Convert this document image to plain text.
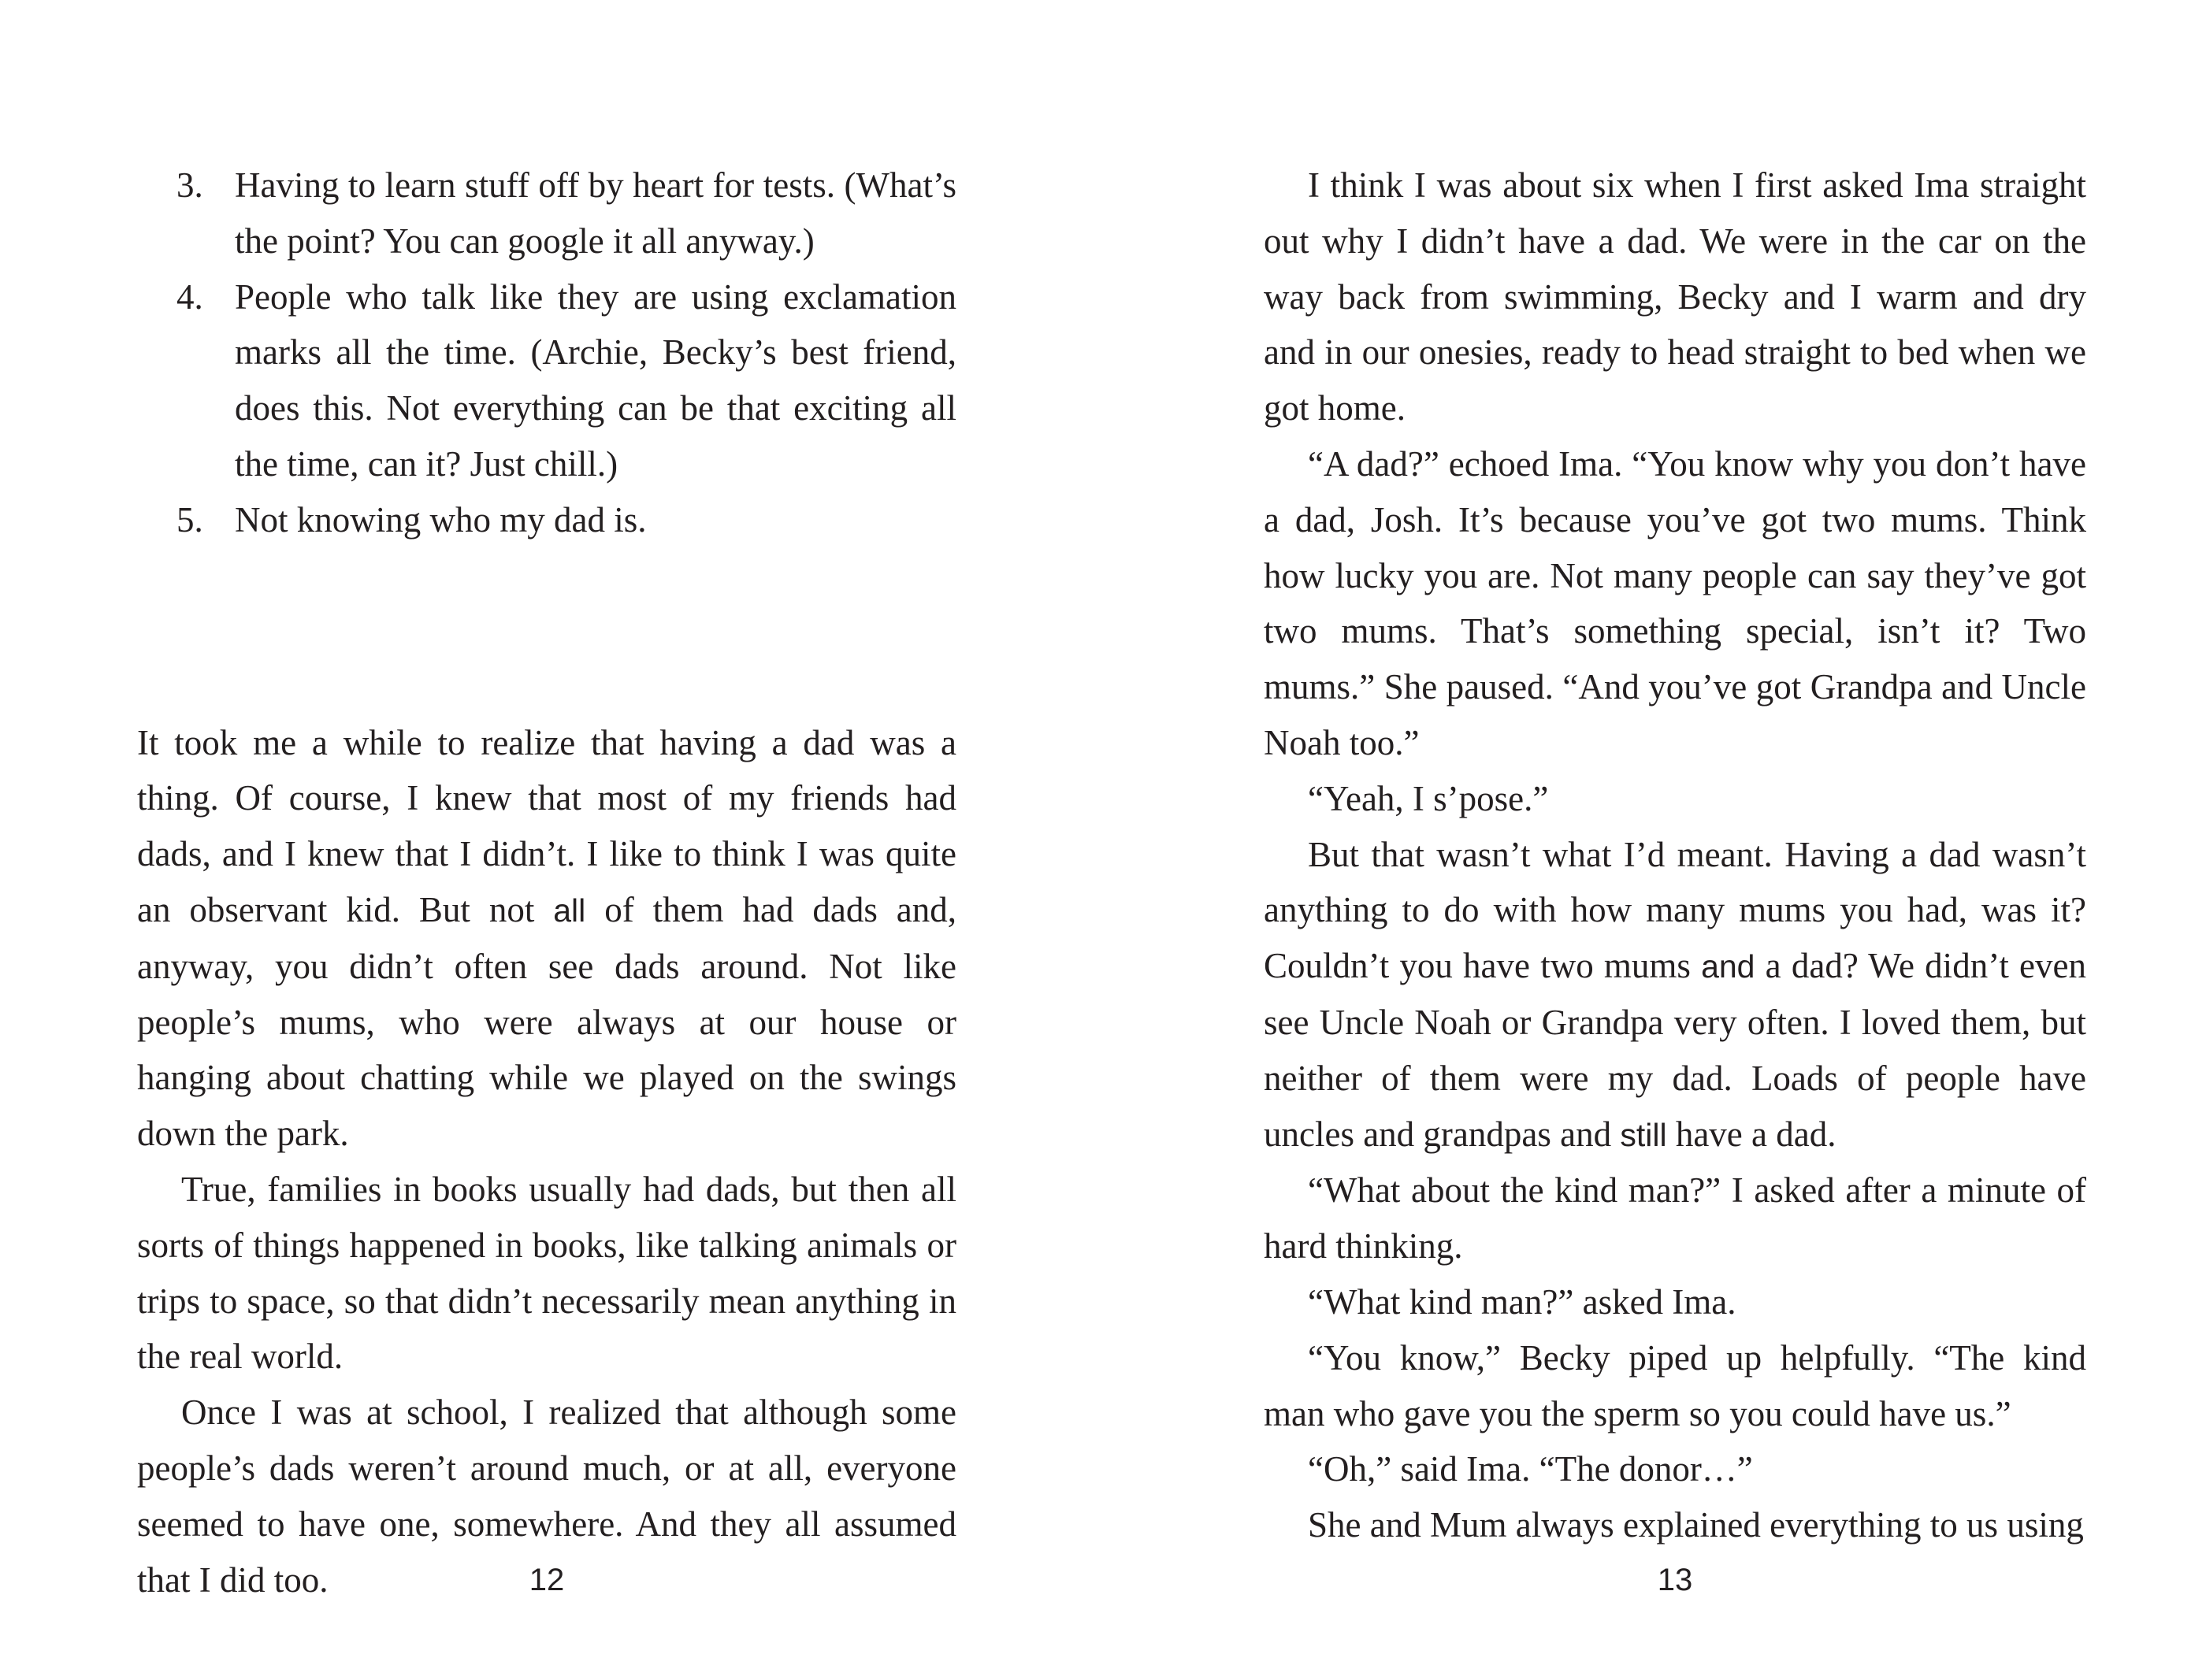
3. Having to learn stuff off by heart for tests. (What’s the point? You can google it all anyway.)
4. People who talk like they are using exclamation marks all the time. (Archie, Becky’s best friend, does this. Not everything can be that exciting all the time, can it? Just chill.)
5. Not knowing who my dad is.

It took me a while to realize that having a dad was a thing. Of course, I knew that most of my friends had dads, and I knew that I didn’t. I like to think I was quite an observant kid. But not all of them had dads and, anyway, you didn’t often see dads around. Not like people’s mums, who were always at our house or hanging about chatting while we played on the swings down the park.

True, families in books usually had dads, but then all sorts of things happened in books, like talking animals or trips to space, so that didn’t necessarily mean anything in the real world.

Once I was at school, I realized that although some people’s dads weren’t around much, or at all, everyone seemed to have one, somewhere. And they all assumed that I did too.	12

I think I was about six when I first asked Ima straight out why I didn’t have a dad. We were in the car on the way back from swimming, Becky and I warm and dry and in our onesies, ready to head straight to bed when we got home.

“A dad?” echoed Ima. “You know why you don’t have a dad, Josh. It’s because you’ve got two mums. Think how lucky you are. Not many people can say they’ve got two mums. That’s something special, isn’t it? Two mums.” She paused. “And you’ve got Grandpa and Uncle Noah too.”

“Yeah, I s’pose.”

But that wasn’t what I’d meant. Having a dad wasn’t anything to do with how many mums you had, was it? Couldn’t you have two mums and a dad? We didn’t even see Uncle Noah or Grandpa very often. I loved them, but neither of them were my dad. Loads of people have uncles and grandpas and still have a dad.

“What about the kind man?” I asked after a minute of hard thinking.

“What kind man?” asked Ima.

“You know,” Becky piped up helpfully. “The kind man who gave you the sperm so you could have us.”

“Oh,” said Ima. “The donor…”

She and Mum always explained everything to us using

13
